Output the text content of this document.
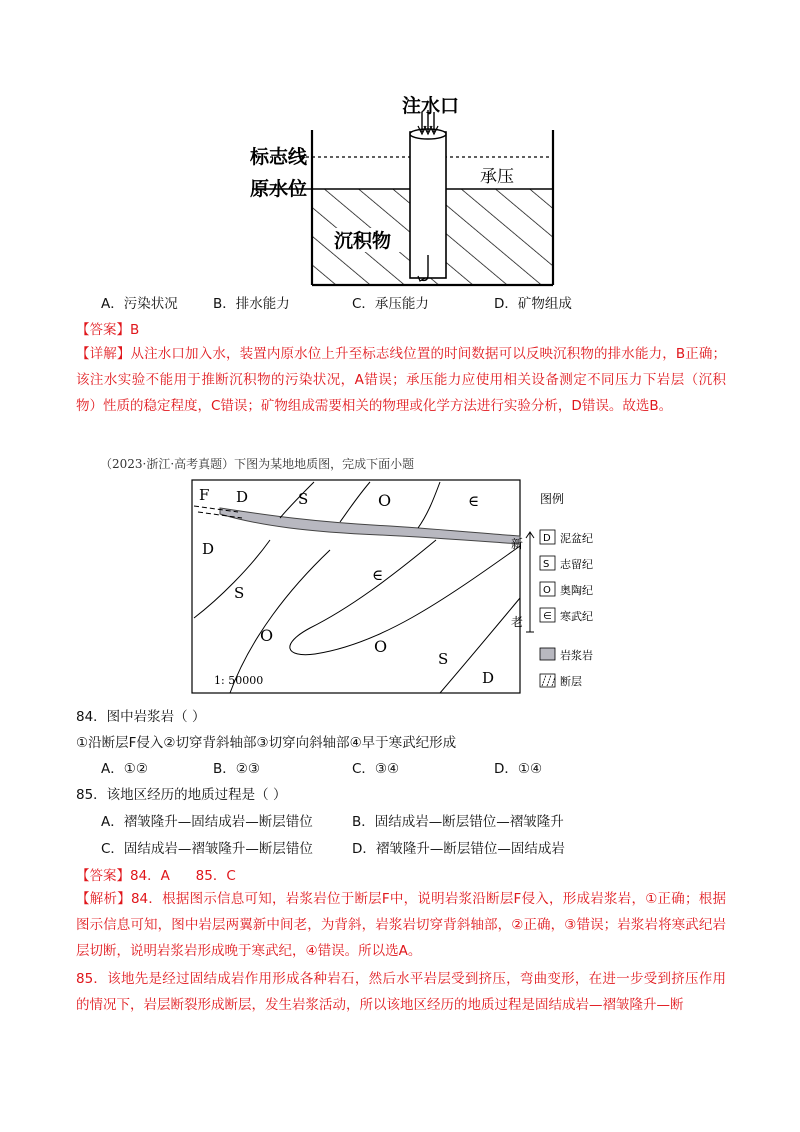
注水口
标志线
原水位
承压
沉积物
A．污染状况	B．排水能力	C．承压能力	D．矿物组成
【答案】B
【详解】从注水口加入水，装置内原水位上升至标志线位置的时间数据可以反映沉积物的排水能力，B正确；该注水实验不能用于推断沉积物的污染状况，A错误；承压能力应使用相关设备测定不同压力下岩层（沉积物）性质的稳定程度，C错误；矿物组成需要相关的物理或化学方法进行实验分析，D错误。故选B。
（2023·浙江·高考真题）下图为某地地质图，完成下面小题
F D	S	O	∈
D
S
∈
O
O
S
D
1: 50000
图例
新
老
D 泥盆纪
S 志留纪
O 奥陶纪
∈ 寒武纪
岩浆岩
断层
84．图中岩浆岩（ ）
①沿断层F侵入②切穿背斜轴部③切穿向斜轴部④早于寒武纪形成
A．①②	B．②③	C．③④	D．①④
85．该地区经历的地质过程是（ ）
A．褶皱隆升—固结成岩—断层错位	B．固结成岩—断层错位—褶皱隆升
C．固结成岩—褶皱隆升—断层错位	D．褶皱隆升—断层错位—固结成岩
【答案】84．A      85．C
【解析】84．根据图示信息可知，岩浆岩位于断层F中，说明岩浆沿断层F侵入，形成岩浆岩，①正确；根据图示信息可知，图中岩层两翼新中间老，为背斜，岩浆岩切穿背斜轴部，②正确，③错误；岩浆岩将寒武纪岩层切断，说明岩浆岩形成晚于寒武纪，④错误。所以选A。
85．该地先是经过固结成岩作用形成各种岩石，然后水平岩层受到挤压，弯曲变形，在进一步受到挤压作用的情况下，岩层断裂形成断层，发生岩浆活动，所以该地区经历的地质过程是固结成岩—褶皱隆升—断
